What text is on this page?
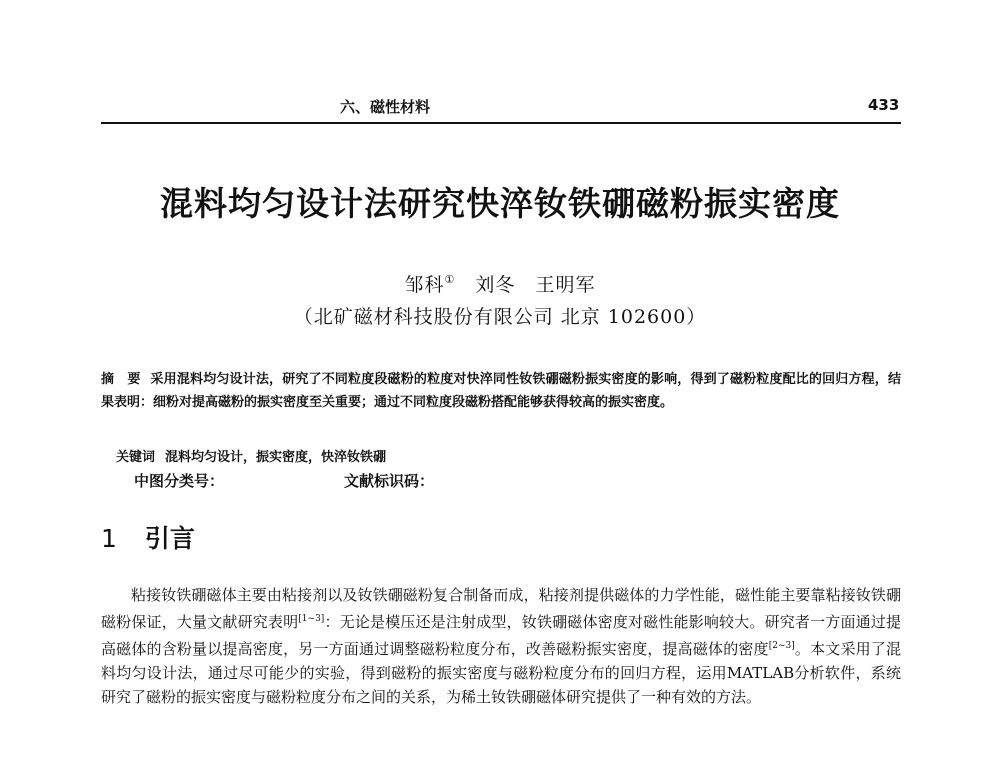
六、磁性材料	433
混料均匀设计法研究快淬钕铁硼磁粉振实密度
邹科① 刘冬 王明军
（北矿磁材科技股份有限公司 北京 102600）
摘　要 采用混料均匀设计法，研究了不同粒度段磁粉的粒度对快淬同性钕铁硼磁粉振实密度的影响，得到了磁粉粒度配比的回归方程，结果表明：细粉对提高磁粉的振实密度至关重要；通过不同粒度段磁粉搭配能够获得较高的振实密度。
关键词 混料均匀设计，振实密度，快淬钕铁硼
中图分类号：	文献标识码：
1 引言
粘接钕铁硼磁体主要由粘接剂以及钕铁硼磁粉复合制备而成，粘接剂提供磁体的力学性能，磁性能主要靠粘接钕铁硼磁粉保证，大量文献研究表明[1~3]：无论是模压还是注射成型，钕铁硼磁体密度对磁性能影响较大。研究者一方面通过提高磁体的含粉量以提高密度，另一方面通过调整磁粉粒度分布，改善磁粉振实密度，提高磁体的密度[2~3]。本文采用了混料均匀设计法，通过尽可能少的实验，得到磁粉的振实密度与磁粉粒度分布的回归方程，运用MATLAB分析软件，系统研究了磁粉的振实密度与磁粉粒度分布之间的关系，为稀土钕铁硼磁体研究提供了一种有效的方法。
